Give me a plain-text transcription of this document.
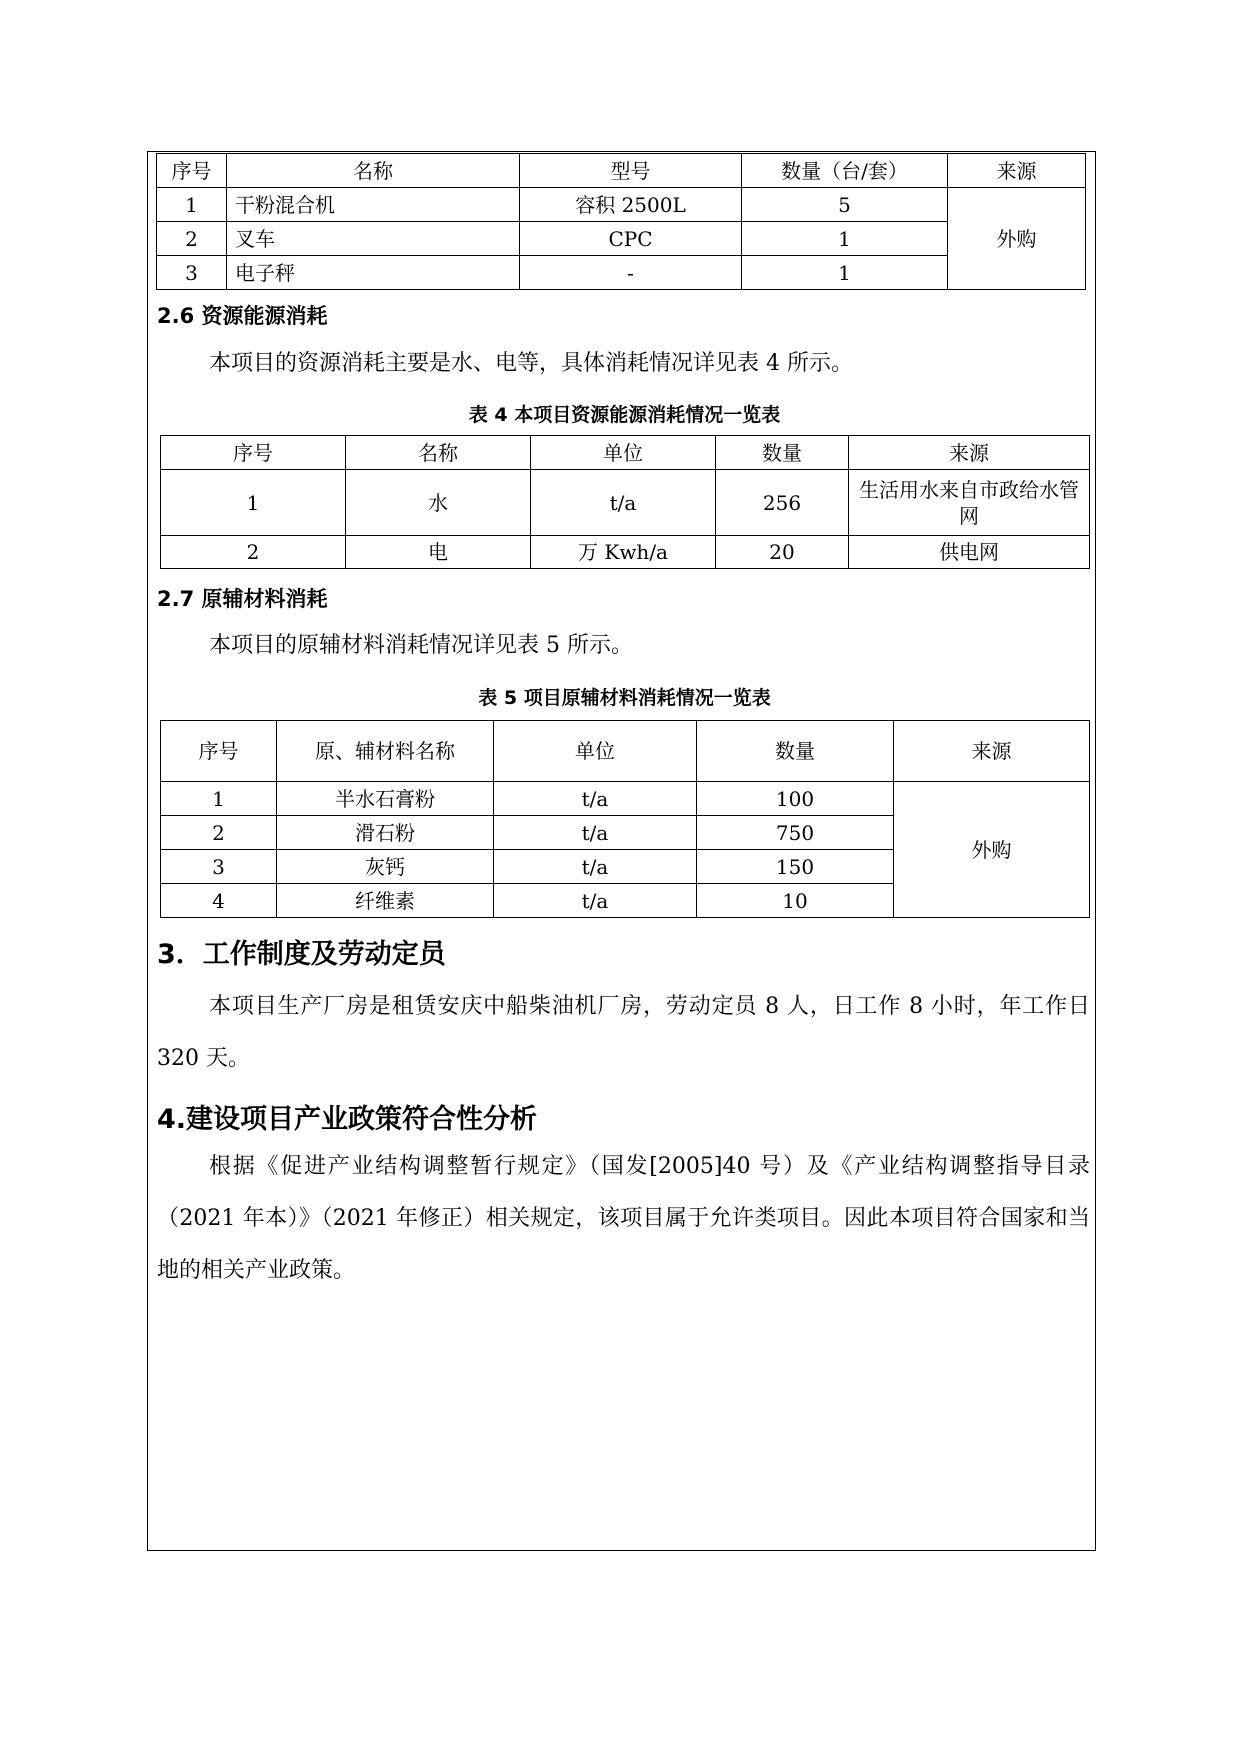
序号	名称	型号	数量（台/套）	来源
1	干粉混合机	容积 2500L	5	外购
2	叉车	CPC	1	
3	电子秤	-	1	
2.6 资源能源消耗

本项目的资源消耗主要是水、电等，具体消耗情况详见表 4 所示。

表 4 本项目资源能源消耗情况一览表

序号	名称	单位	数量	来源
1	水	t/a	256	生活用水来自市政给水管网
2	电	万 Kwh/a	20	供电网
2.7 原辅材料消耗

本项目的原辅材料消耗情况详见表 5 所示。

表 5 项目原辅材料消耗情况一览表

序号	原、辅材料名称	单位	数量	来源
1	半水石膏粉	t/a	100	外购
2	滑石粉	t/a	750	
3	灰钙	t/a	150	
4	纤维素	t/a	10	
3．工作制度及劳动定员

本项目生产厂房是租赁安庆中船柴油机厂房，劳动定员 8 人，日工作 8 小时，年工作日 320 天。

4.建设项目产业政策符合性分析

根据《促进产业结构调整暂行规定》（国发[2005]40 号）及《产业结构调整指导目录（2021 年本）》（2021 年修正）相关规定，该项目属于允许类项目。因此本项目符合国家和当地的相关产业政策。
